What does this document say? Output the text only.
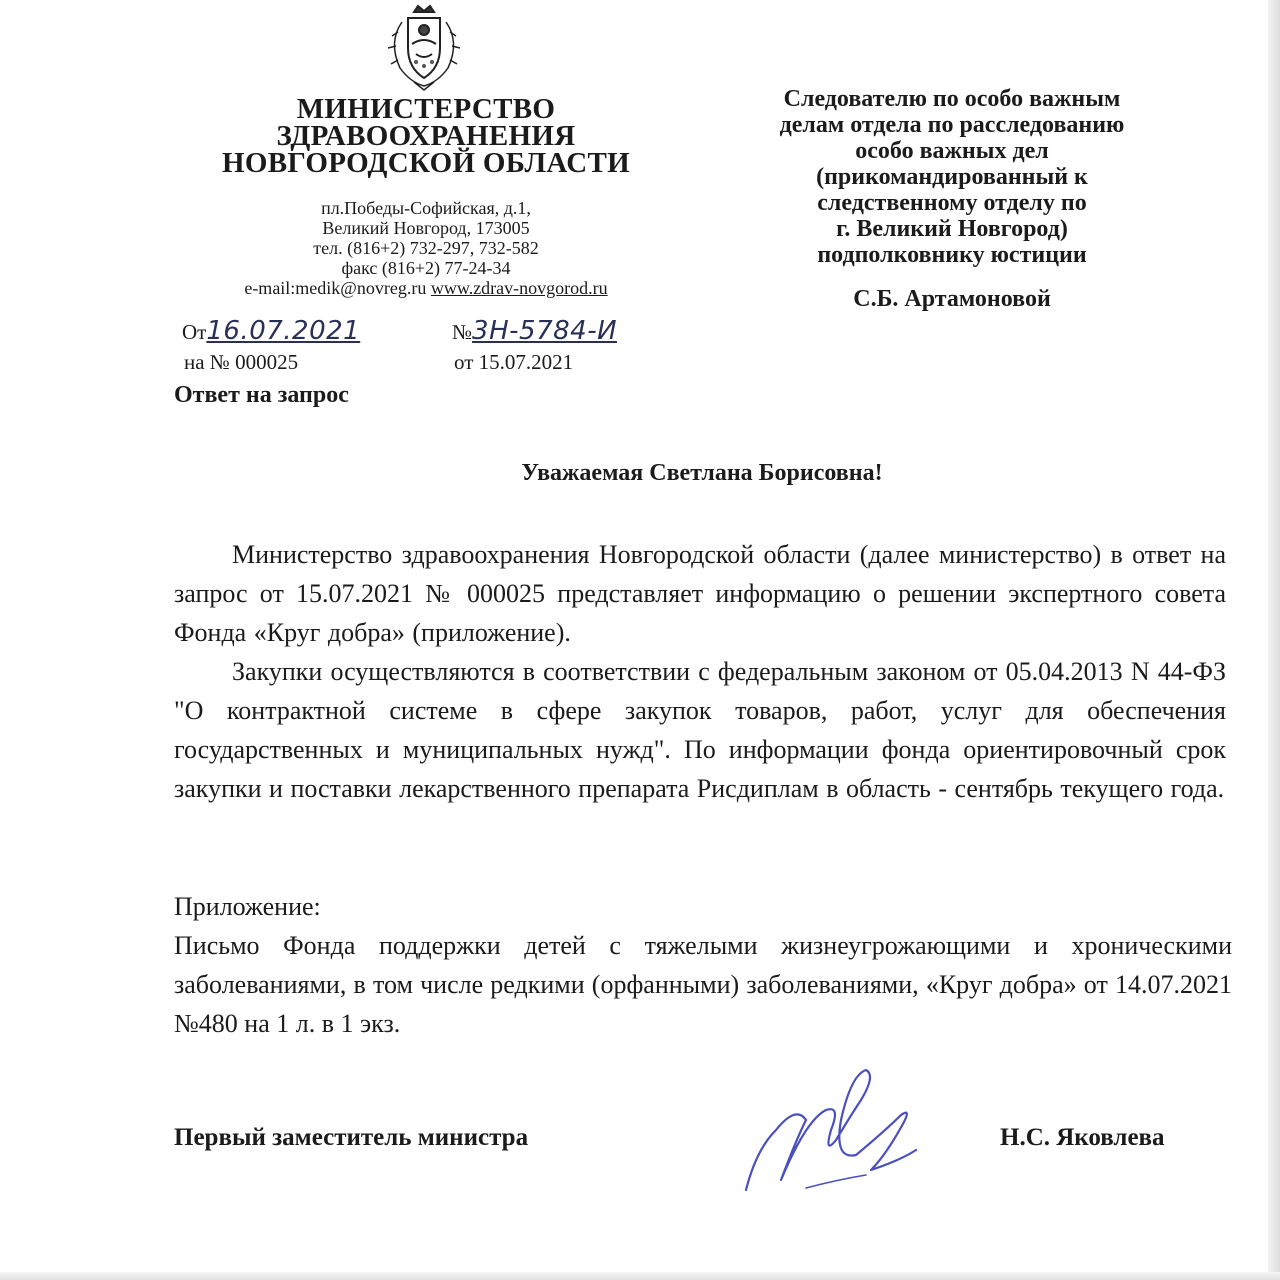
МИНИСТЕРСТВО
ЗДРАВООХРАНЕНИЯ
НОВГОРОДСКОЙ ОБЛАСТИ
пл.Победы-Софийская, д.1,
Великий Новгород, 173005
тел. (816+2) 732-297, 732-582
факс (816+2) 77-24-34
e-mail:medik@novreg.ru www.zdrav-novgorod.ru
От16.07.2021	№3Н-5784-И
на № 000025	от 15.07.2021
Следователю по особо важным
делам отдела по расследованию
особо важных дел
(прикомандированный к
следственному отделу по
г. Великий Новгород)
подполковнику юстиции
С.Б. Артамоновой
Ответ на запрос
Уважаемая Светлана Борисовна!
Министерство здравоохранения Новгородской области (далее министерство) в ответ на запрос от 15.07.2021 № 000025 представляет информацию о решении экспертного совета Фонда «Круг добра» (приложение).
Закупки осуществляются в соответствии с федеральным законом от 05.04.2013 N 44-ФЗ "О контрактной системе в сфере закупок товаров, работ, услуг для обеспечения государственных и муниципальных нужд". По информации фонда ориентировочный срок закупки и поставки лекарственного препарата Рисдиплам в область - сентябрь текущего года.
Приложение:
Письмо Фонда поддержки детей с тяжелыми жизнеугрожающими и хроническими заболеваниями, в том числе редкими (орфанными) заболеваниями, «Круг добра» от 14.07.2021 №480 на 1 л. в 1 экз.
Первый заместитель министра	Н.С. Яковлева
